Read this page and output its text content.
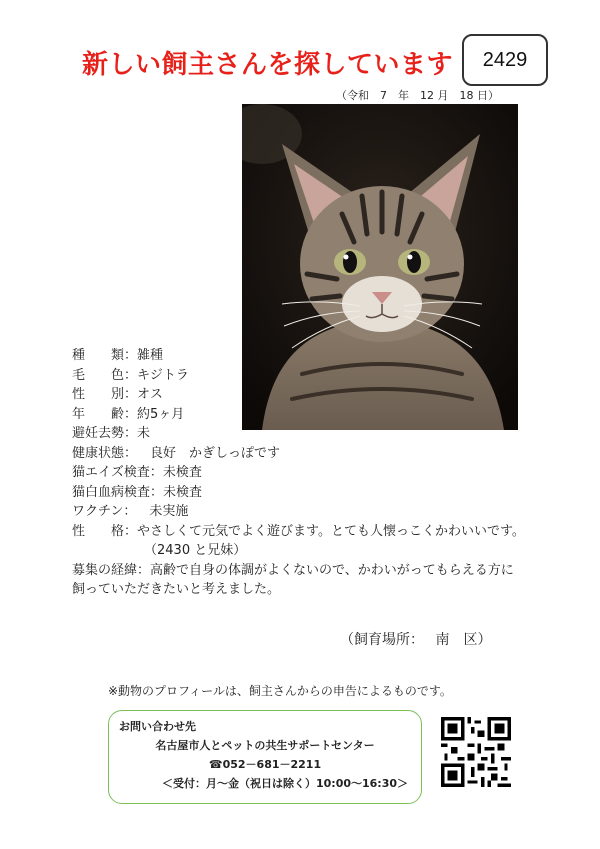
新しい飼主さんを探しています	2429
（令和　7　年　12 月　18 日）
種　　類： 雑種
毛　　色： キジトラ
性　　別： オス
年　　齢： 約5ヶ月
避妊去勢： 未
健康状態： 　良好　かぎしっぽです
猫エイズ検査： 未検査
猫白血病検査： 未検査
ワクチン： 　未実施
性　　格： やさしくて元気でよく遊びます。とても人懐っこくかわいいです。
（2430 と兄妹）
募集の経緯： 高齢で自身の体調がよくないので、かわいがってもらえる方に
飼っていただきたいと考えました。
（飼育場所：　 南　区）
※動物のプロフィールは、飼主さんからの申告によるものです。
お問い合わせ先
名古屋市人とペットの共生サポートセンター
☎052－681－2211
＜受付：月～金（祝日は除く）10:00～16:30＞
